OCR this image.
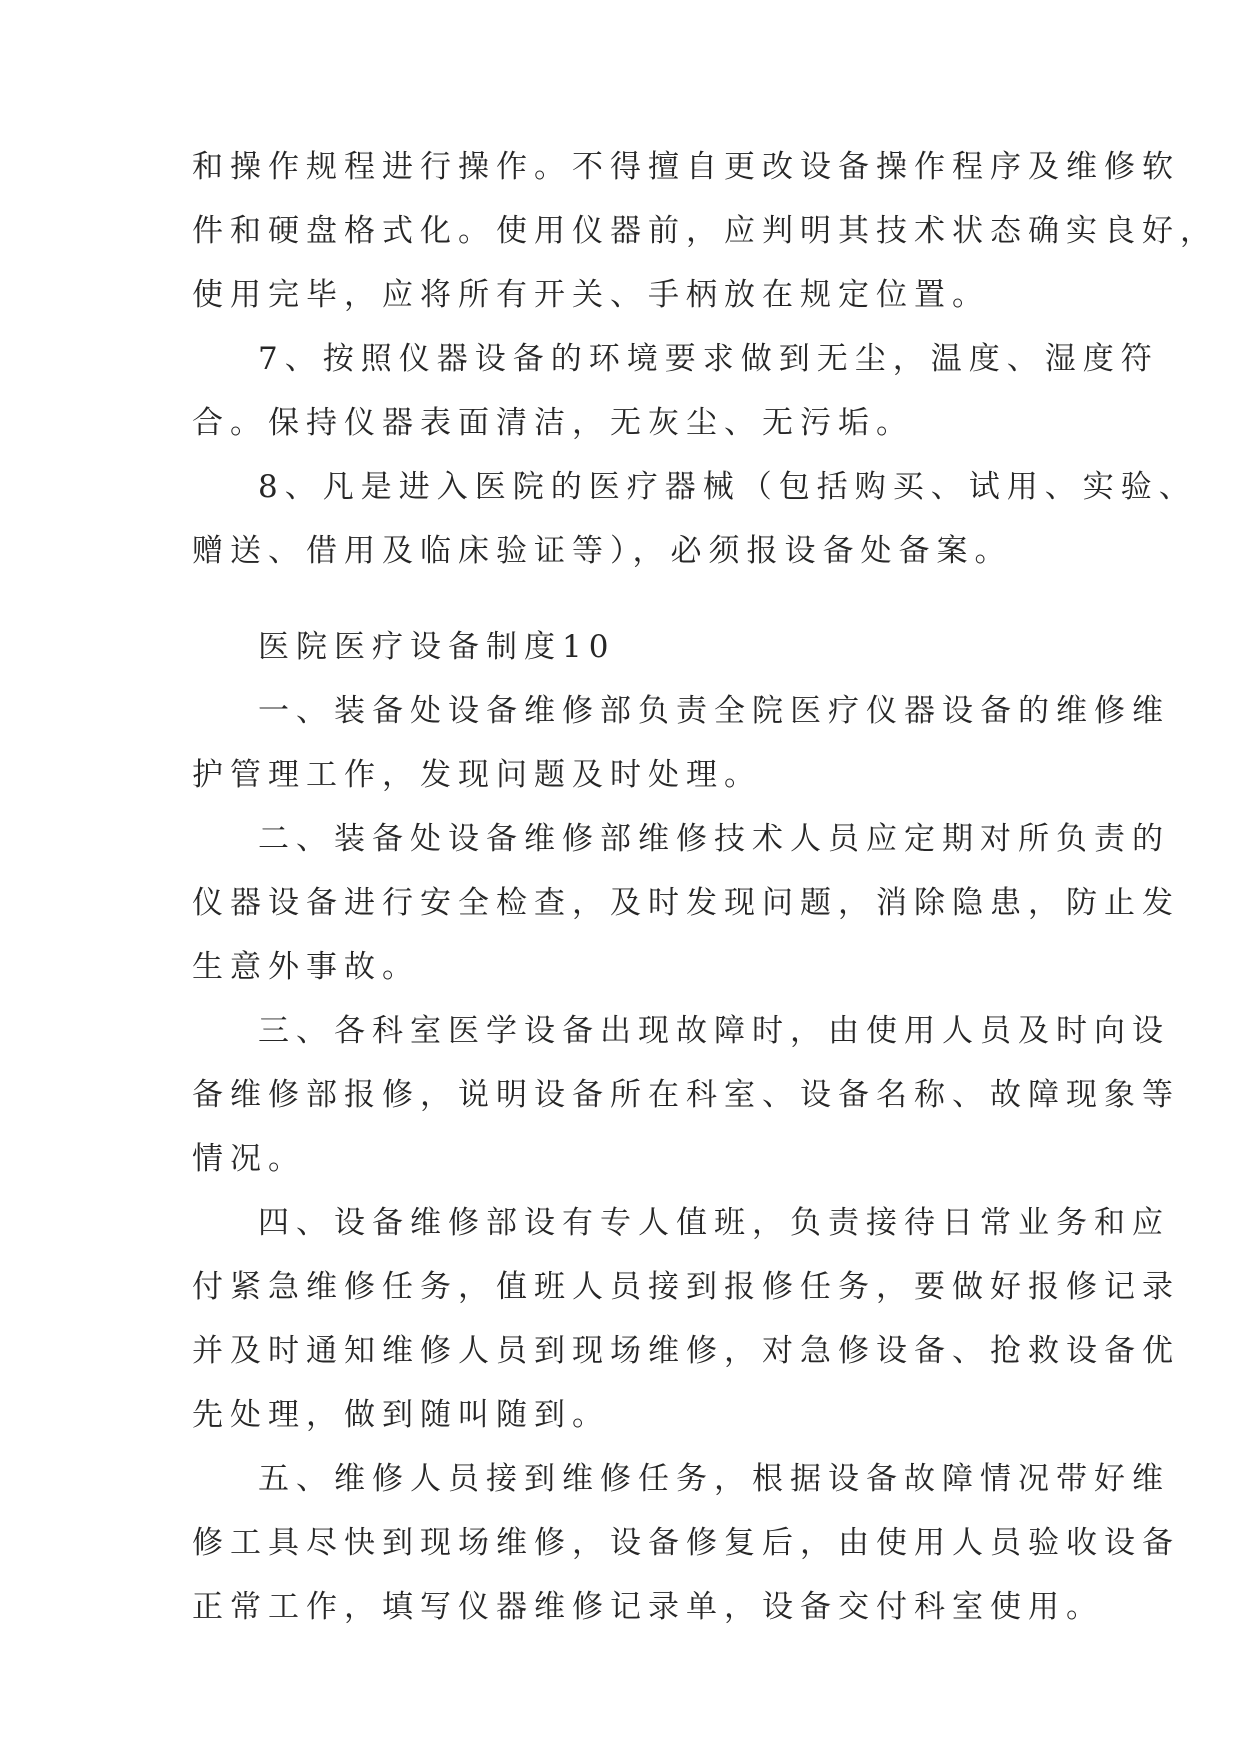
和操作规程进行操作。不得擅自更改设备操作程序及维修软

件和硬盘格式化。使用仪器前，应判明其技术状态确实良好，

使用完毕，应将所有开关、手柄放在规定位置。

7、按照仪器设备的环境要求做到无尘，温度、湿度符

合。保持仪器表面清洁，无灰尘、无污垢。

8、凡是进入医院的医疗器械（包括购买、试用、实验、

赠送、借用及临床验证等），必须报设备处备案。

医院医疗设备制度10

一、装备处设备维修部负责全院医疗仪器设备的维修维

护管理工作，发现问题及时处理。

二、装备处设备维修部维修技术人员应定期对所负责的

仪器设备进行安全检查，及时发现问题，消除隐患，防止发

生意外事故。

三、各科室医学设备出现故障时，由使用人员及时向设

备维修部报修，说明设备所在科室、设备名称、故障现象等

情况。

四、设备维修部设有专人值班，负责接待日常业务和应

付紧急维修任务，值班人员接到报修任务，要做好报修记录

并及时通知维修人员到现场维修，对急修设备、抢救设备优

先处理，做到随叫随到。

五、维修人员接到维修任务，根据设备故障情况带好维

修工具尽快到现场维修，设备修复后，由使用人员验收设备

正常工作，填写仪器维修记录单，设备交付科室使用。
